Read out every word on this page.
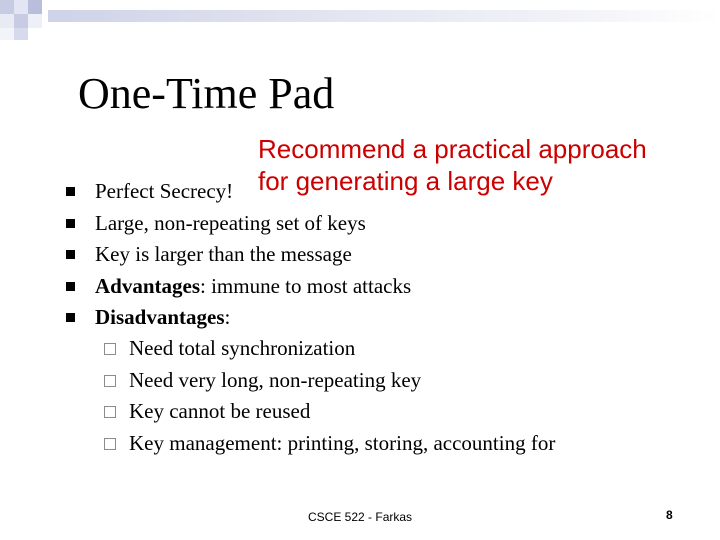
One-Time Pad
Recommend a practical approach
for generating a large key
Perfect Secrecy!
Large, non-repeating set of keys
Key is larger than the message
Advantages: immune to most attacks
Disadvantages:
Need total synchronization
Need very long, non-repeating key
Key cannot be reused
Key management: printing, storing, accounting for
CSCE 522 - Farkas	8
